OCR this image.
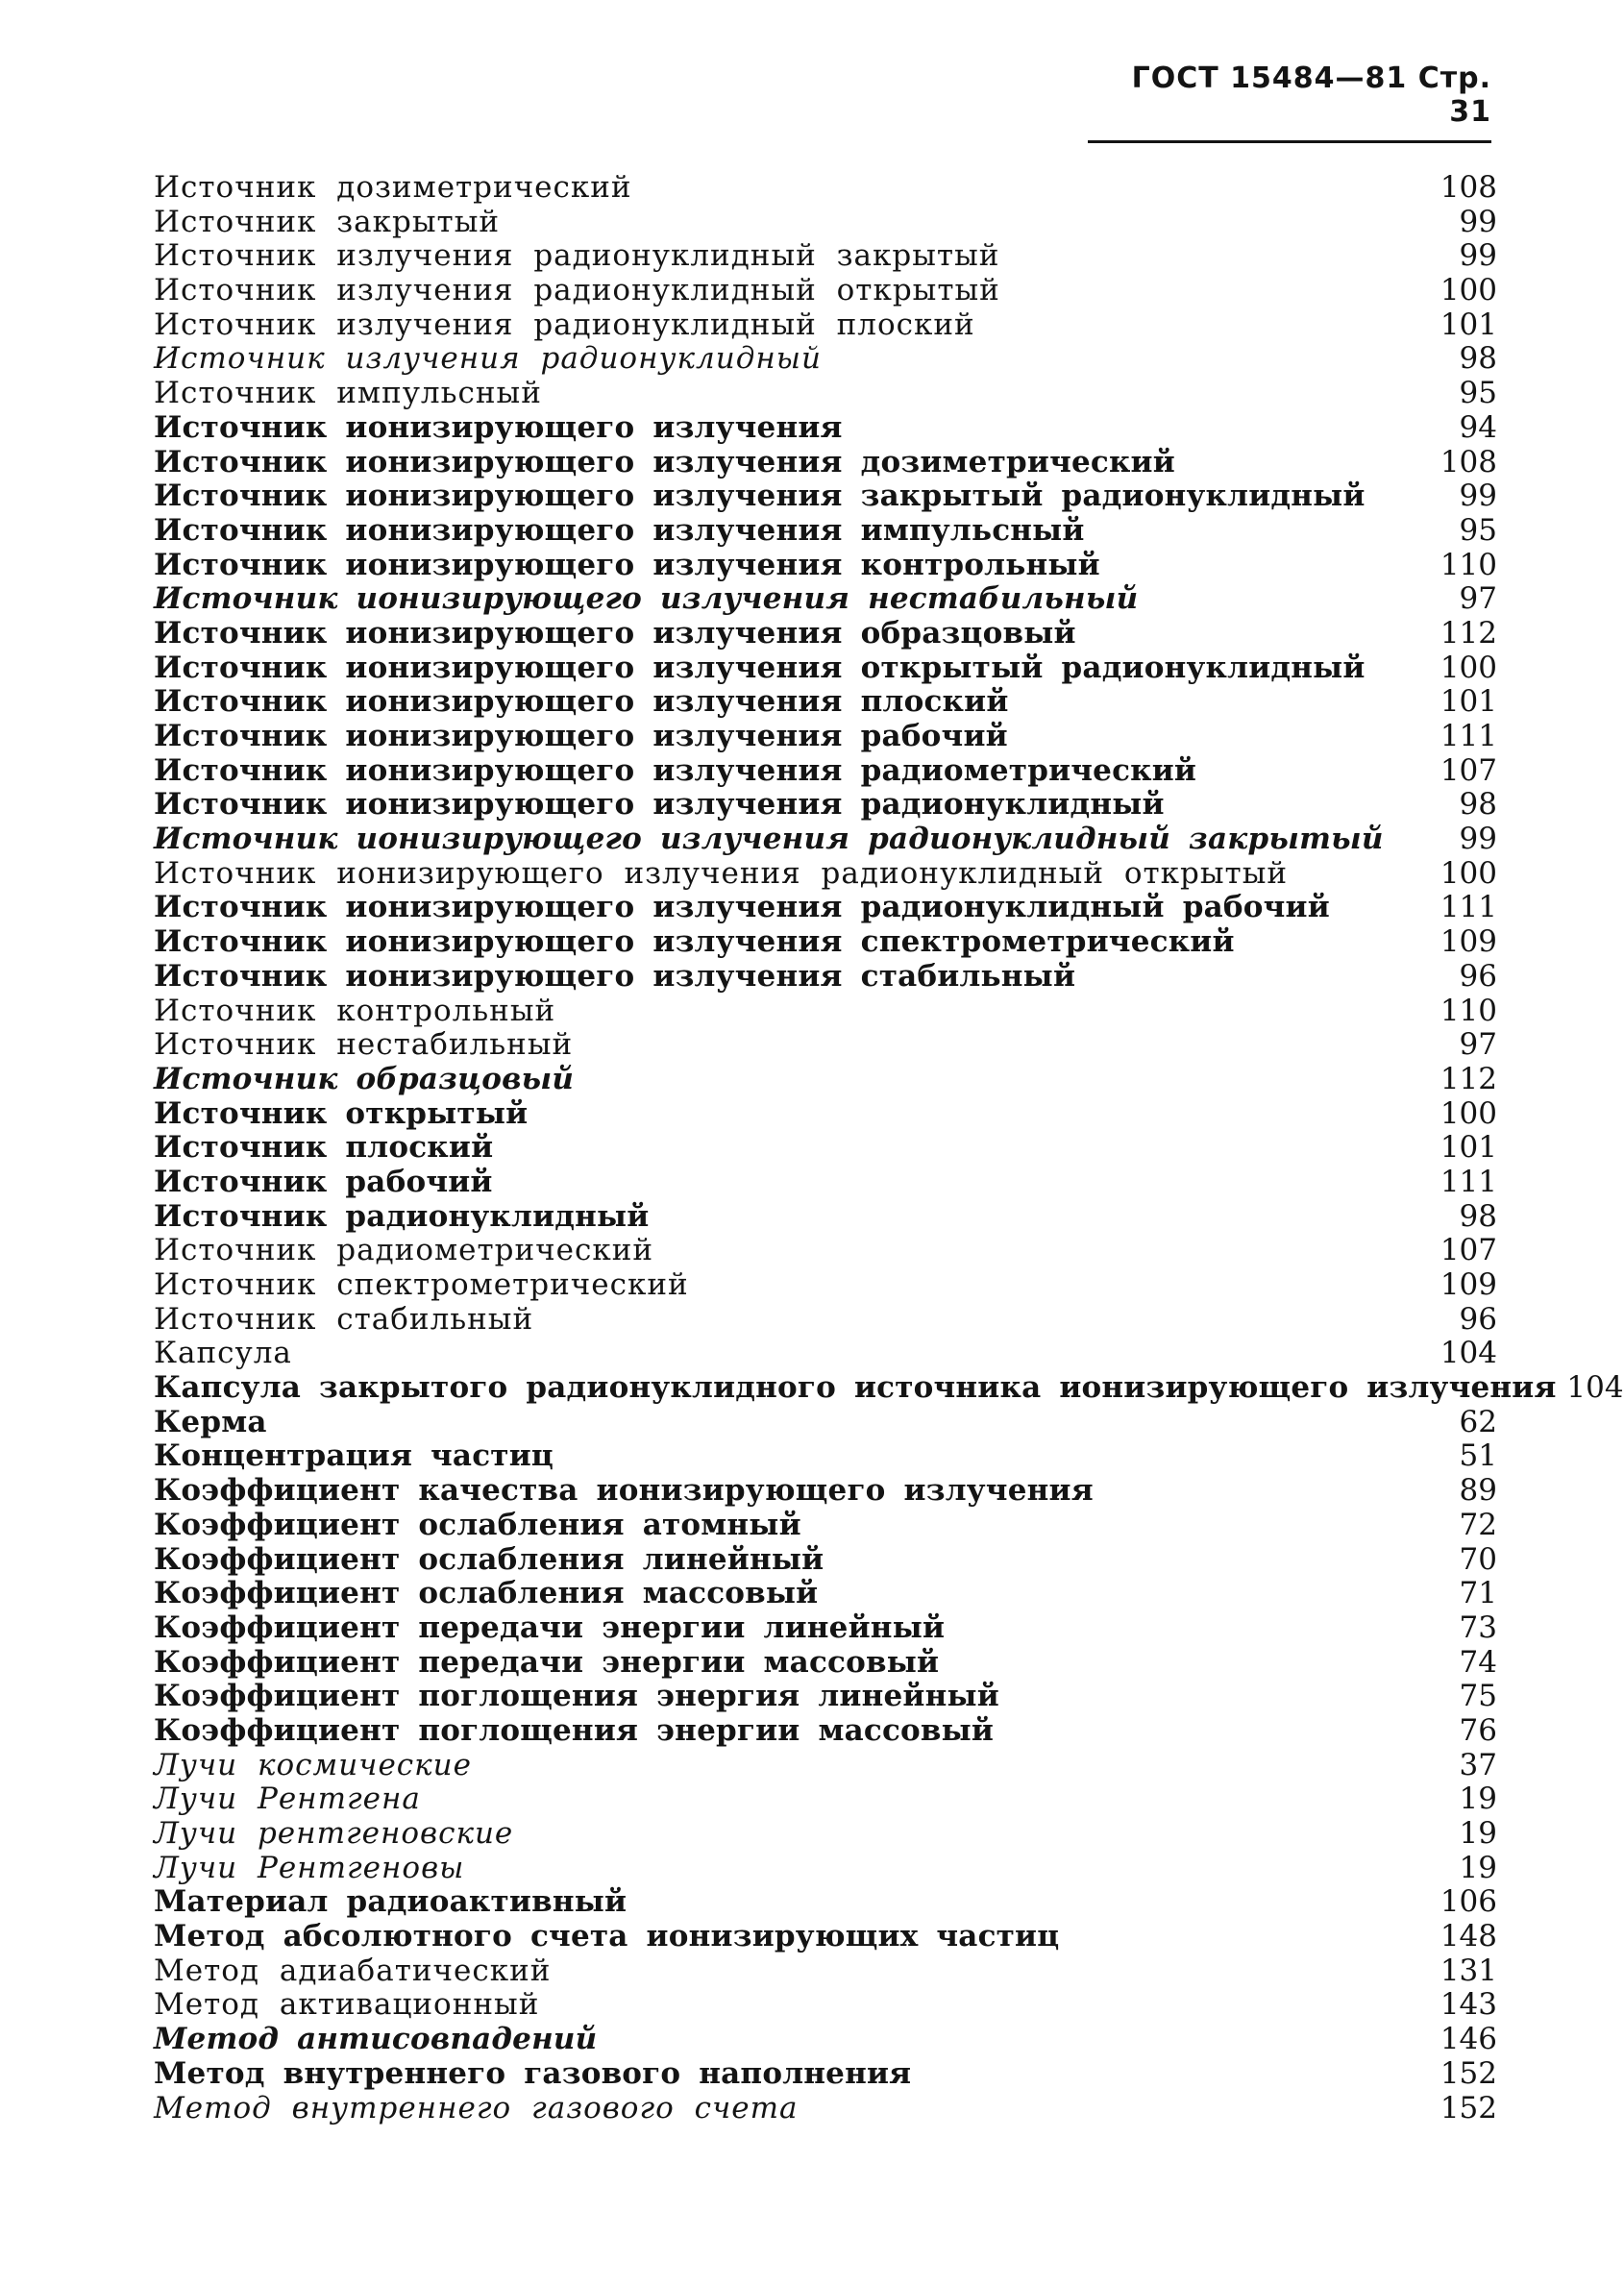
ГОСТ 15484—81 Стр. 31
Источник дозиметрический	108
Источник закрытый	99
Источник излучения радионуклидный закрытый	99
Источник излучения радионуклидный открытый	100
Источник излучения радионуклидный плоский	101
Источник излучения радионуклидный	98
Источник импульсный	95
Источник ионизирующего излучения	94
Источник ионизирующего излучения дозиметрический	108
Источник ионизирующего излучения закрытый радионуклидный	99
Источник ионизирующего излучения импульсный	95
Источник ионизирующего излучения контрольный	110
Источник ионизирующего излучения нестабильный	97
Источник ионизирующего излучения образцовый	112
Источник ионизирующего излучения открытый радионуклидный	100
Источник ионизирующего излучения плоский	101
Источник ионизирующего излучения рабочий	111
Источник ионизирующего излучения радиометрический	107
Источник ионизирующего излучения радионуклидный	98
Источник ионизирующего излучения радионуклидный закрытый	99
Источник ионизирующего излучения радионуклидный открытый	100
Источник ионизирующего излучения радионуклидный рабочий	111
Источник ионизирующего излучения спектрометрический	109
Источник ионизирующего излучения стабильный	96
Источник контрольный	110
Источник нестабильный	97
Источник образцовый	112
Источник открытый	100
Источник плоский	101
Источник рабочий	111
Источник радионуклидный	98
Источник радиометрический	107
Источник спектрометрический	109
Источник стабильный	96
Капсула	104
Капсула закрытого радионуклидного источника ионизирующего излучения 104
Керма	62
Концентрация частиц	51
Коэффициент качества ионизирующего излучения	89
Коэффициент ослабления атомный	72
Коэффициент ослабления линейный	70
Коэффициент ослабления массовый	71
Коэффициент передачи энергии линейный	73
Коэффициент передачи энергии массовый	74
Коэффициент поглощения энергия линейный	75
Коэффициент поглощения энергии массовый	76
Лучи космические	37
Лучи Рентгена	19
Лучи рентгеновские	19
Лучи Рентгеновы	19
Материал радиоактивный	106
Метод абсолютного счета ионизирующих частиц	148
Метод адиабатический	131
Метод активационный	143
Метод антисовпадений	146
Метод внутреннего газового наполнения	152
Метод внутреннего газового счета	152
